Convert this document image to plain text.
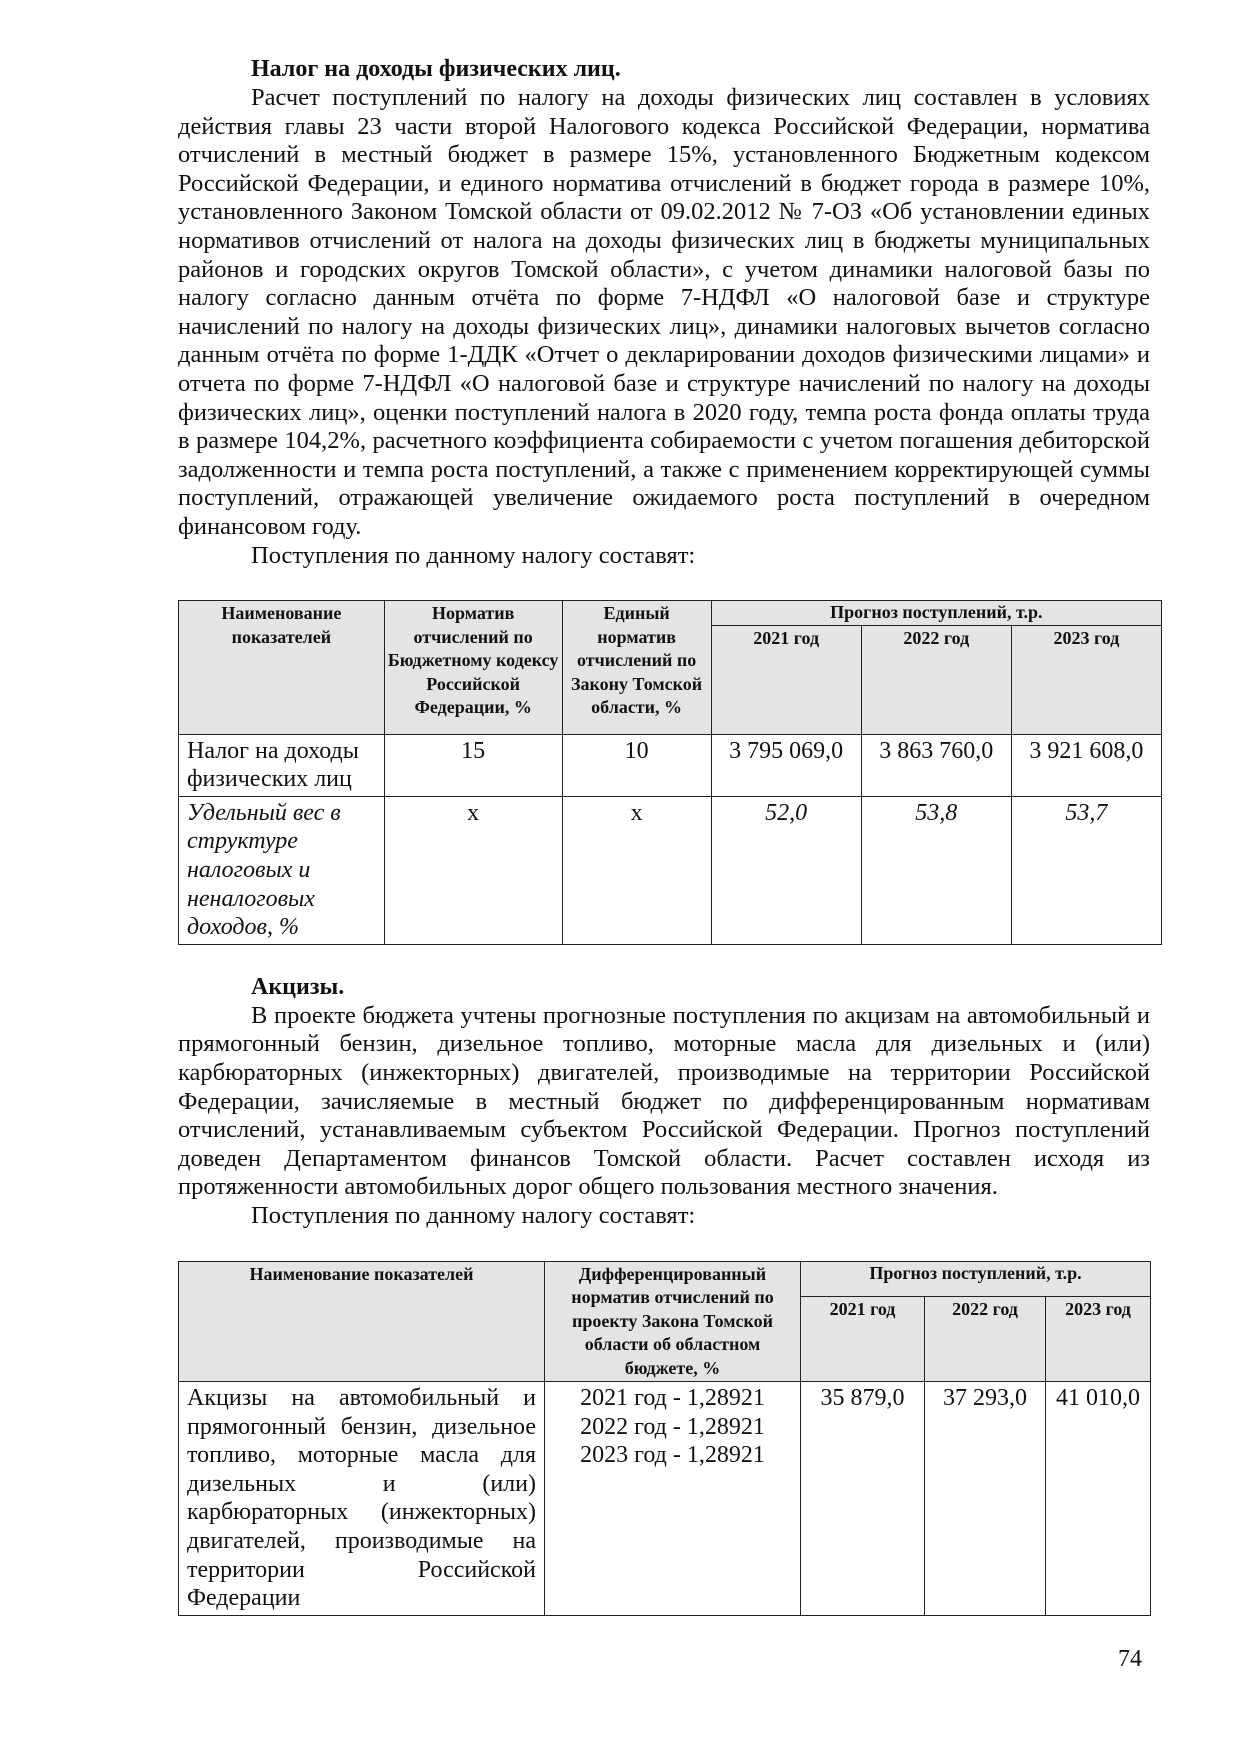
Налог на доходы физических лиц.

Расчет поступлений по налогу на доходы физических лиц составлен в условиях действия главы 23 части второй Налогового кодекса Российской Федерации, норматива отчислений в местный бюджет в размере 15%, установленного Бюджетным кодексом Российской Федерации, и единого норматива отчислений в бюджет города в размере 10%, установленного Законом Томской области от 09.02.2012 № 7-ОЗ «Об установлении единых нормативов отчислений от налога на доходы физических лиц в бюджеты муниципальных районов и городских округов Томской области», с учетом динамики налоговой базы по налогу согласно данным отчёта по форме 7-НДФЛ «О налоговой базе и структуре начислений по налогу на доходы физических лиц», динамики налоговых вычетов согласно данным отчёта по форме 1-ДДК «Отчет о декларировании доходов физическими лицами» и отчета по форме 7-НДФЛ «О налоговой базе и структуре начислений по налогу на доходы физических лиц», оценки поступлений налога в 2020 году, темпа роста фонда оплаты труда в размере 104,2%, расчетного коэффициента собираемости с учетом погашения дебиторской задолженности и темпа роста поступлений, а также с применением корректирующей суммы поступлений, отражающей увеличение ожидаемого роста поступлений в очередном финансовом году.

Поступления по данному налогу составят:

Наименование показателей	Норматив отчислений по Бюджетному кодексу Российской Федерации, %	Единый норматив отчислений по Закону Томской области, %	Прогноз поступлений, т.р.		
			2021 год	2022 год	2023 год
Налог на доходы физических лиц	15	10	3 795 069,0	3 863 760,0	3 921 608,0
Удельный вес в структуре налоговых и неналоговых доходов, %	х	х	52,0	53,8	53,7
Акцизы.

В проекте бюджета учтены прогнозные поступления по акцизам на автомобильный и прямогонный бензин, дизельное топливо, моторные масла для дизельных и (или) карбюраторных (инжекторных) двигателей, производимые на территории Российской Федерации, зачисляемые в местный бюджет по дифференцированным нормативам отчислений, устанавливаемым субъектом Российской Федерации. Прогноз поступлений доведен Департаментом финансов Томской области. Расчет составлен исходя из протяженности автомобильных дорог общего пользования местного значения.

Поступления по данному налогу составят:

Наименование показателей	Дифференцированный норматив отчислений по проекту Закона Томской области об областном бюджете, %	Прогноз поступлений, т.р.		
		2021 год	2022 год	2023 год
Акцизы на автомобильный и прямогонный бензин, дизельное топливо, моторные масла для дизельных и (или) карбюраторных (инжекторных) двигателей, производимые на территории Российской Федерации	2021 год - 1,28921
2022 год - 1,28921
2023 год - 1,28921	35 879,0	37 293,0	41 010,0
74
